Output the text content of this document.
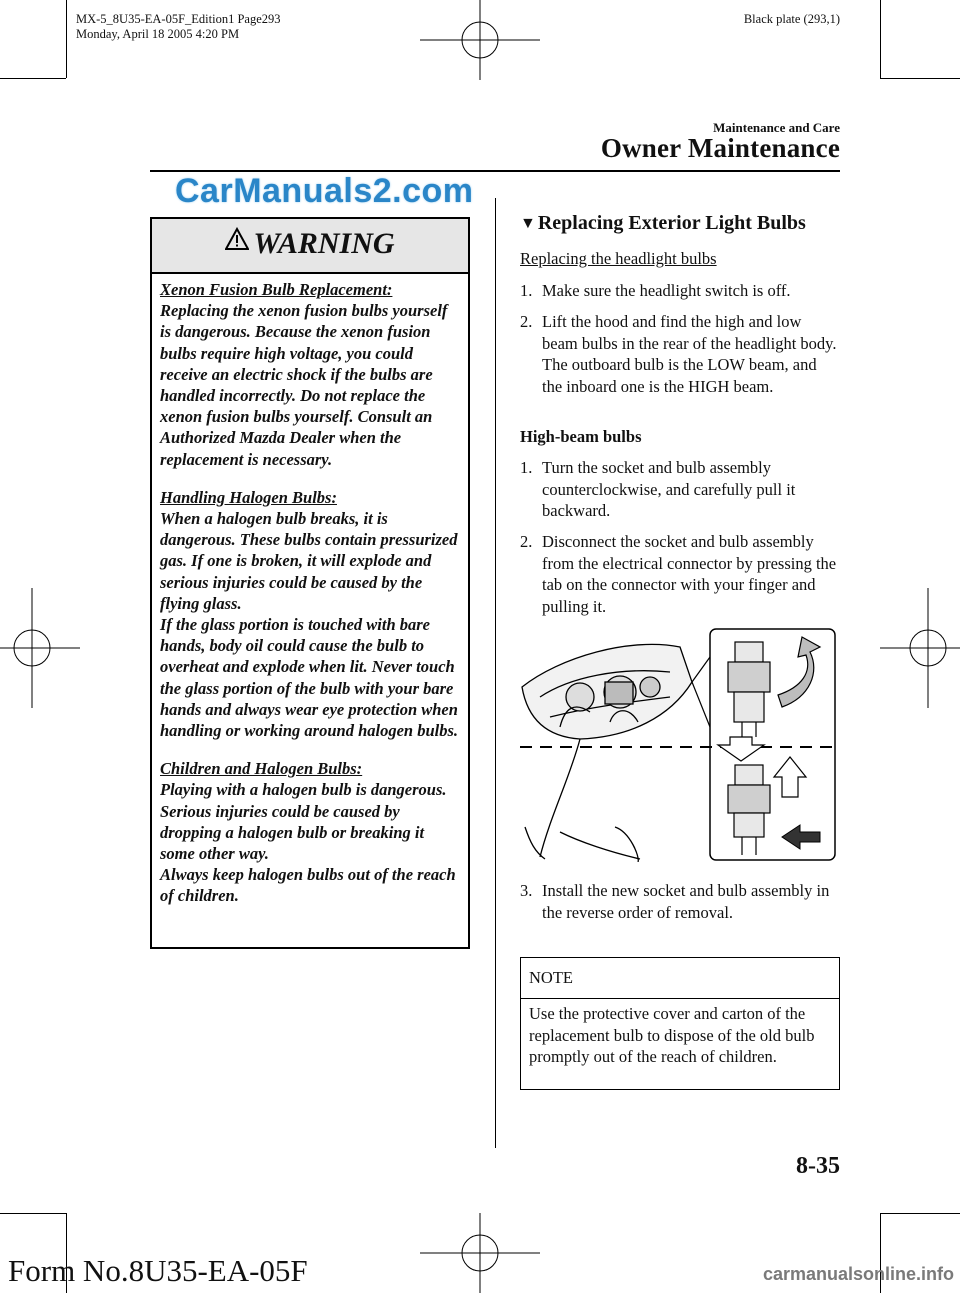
MX-5_8U35-EA-05F_Edition1 Page293
Monday, April 18 2005 4:20 PM
Black plate (293,1)
Maintenance and Care
Owner Maintenance
CarManuals2.com
WARNING

Xenon Fusion Bulb Replacement:
Replacing the xenon fusion bulbs yourself is dangerous. Because the xenon fusion bulbs require high voltage, you could receive an electric shock if the bulbs are handled incorrectly. Do not replace the xenon fusion bulbs yourself. Consult an Authorized Mazda Dealer when the replacement is necessary.

Handling Halogen Bulbs:
When a halogen bulb breaks, it is dangerous. These bulbs contain pressurized gas. If one is broken, it will explode and serious injuries could be caused by the flying glass.
If the glass portion is touched with bare hands, body oil could cause the bulb to overheat and explode when lit. Never touch the glass portion of the bulb with your bare hands and always wear eye protection when handling or working around halogen bulbs.

Children and Halogen Bulbs:
Playing with a halogen bulb is dangerous. Serious injuries could be caused by dropping a halogen bulb or breaking it some other way.
Always keep halogen bulbs out of the reach of children.

▼ Replacing Exterior Light Bulbs
Replacing the headlight bulbs
1. Make sure the headlight switch is off.
2. Lift the hood and find the high and low beam bulbs in the rear of the headlight body.
The outboard bulb is the LOW beam, and the inboard one is the HIGH beam.
High-beam bulbs
1. Turn the socket and bulb assembly counterclockwise, and carefully pull it backward.
2. Disconnect the socket and bulb assembly from the electrical connector by pressing the tab on the connector with your finger and pulling it.
3. Install the new socket and bulb assembly in the reverse order of removal.
NOTE
Use the protective cover and carton of the replacement bulb to dispose of the old bulb promptly out of the reach of children.
8-35
Form No.8U35-EA-05F	carmanualsonline.info
